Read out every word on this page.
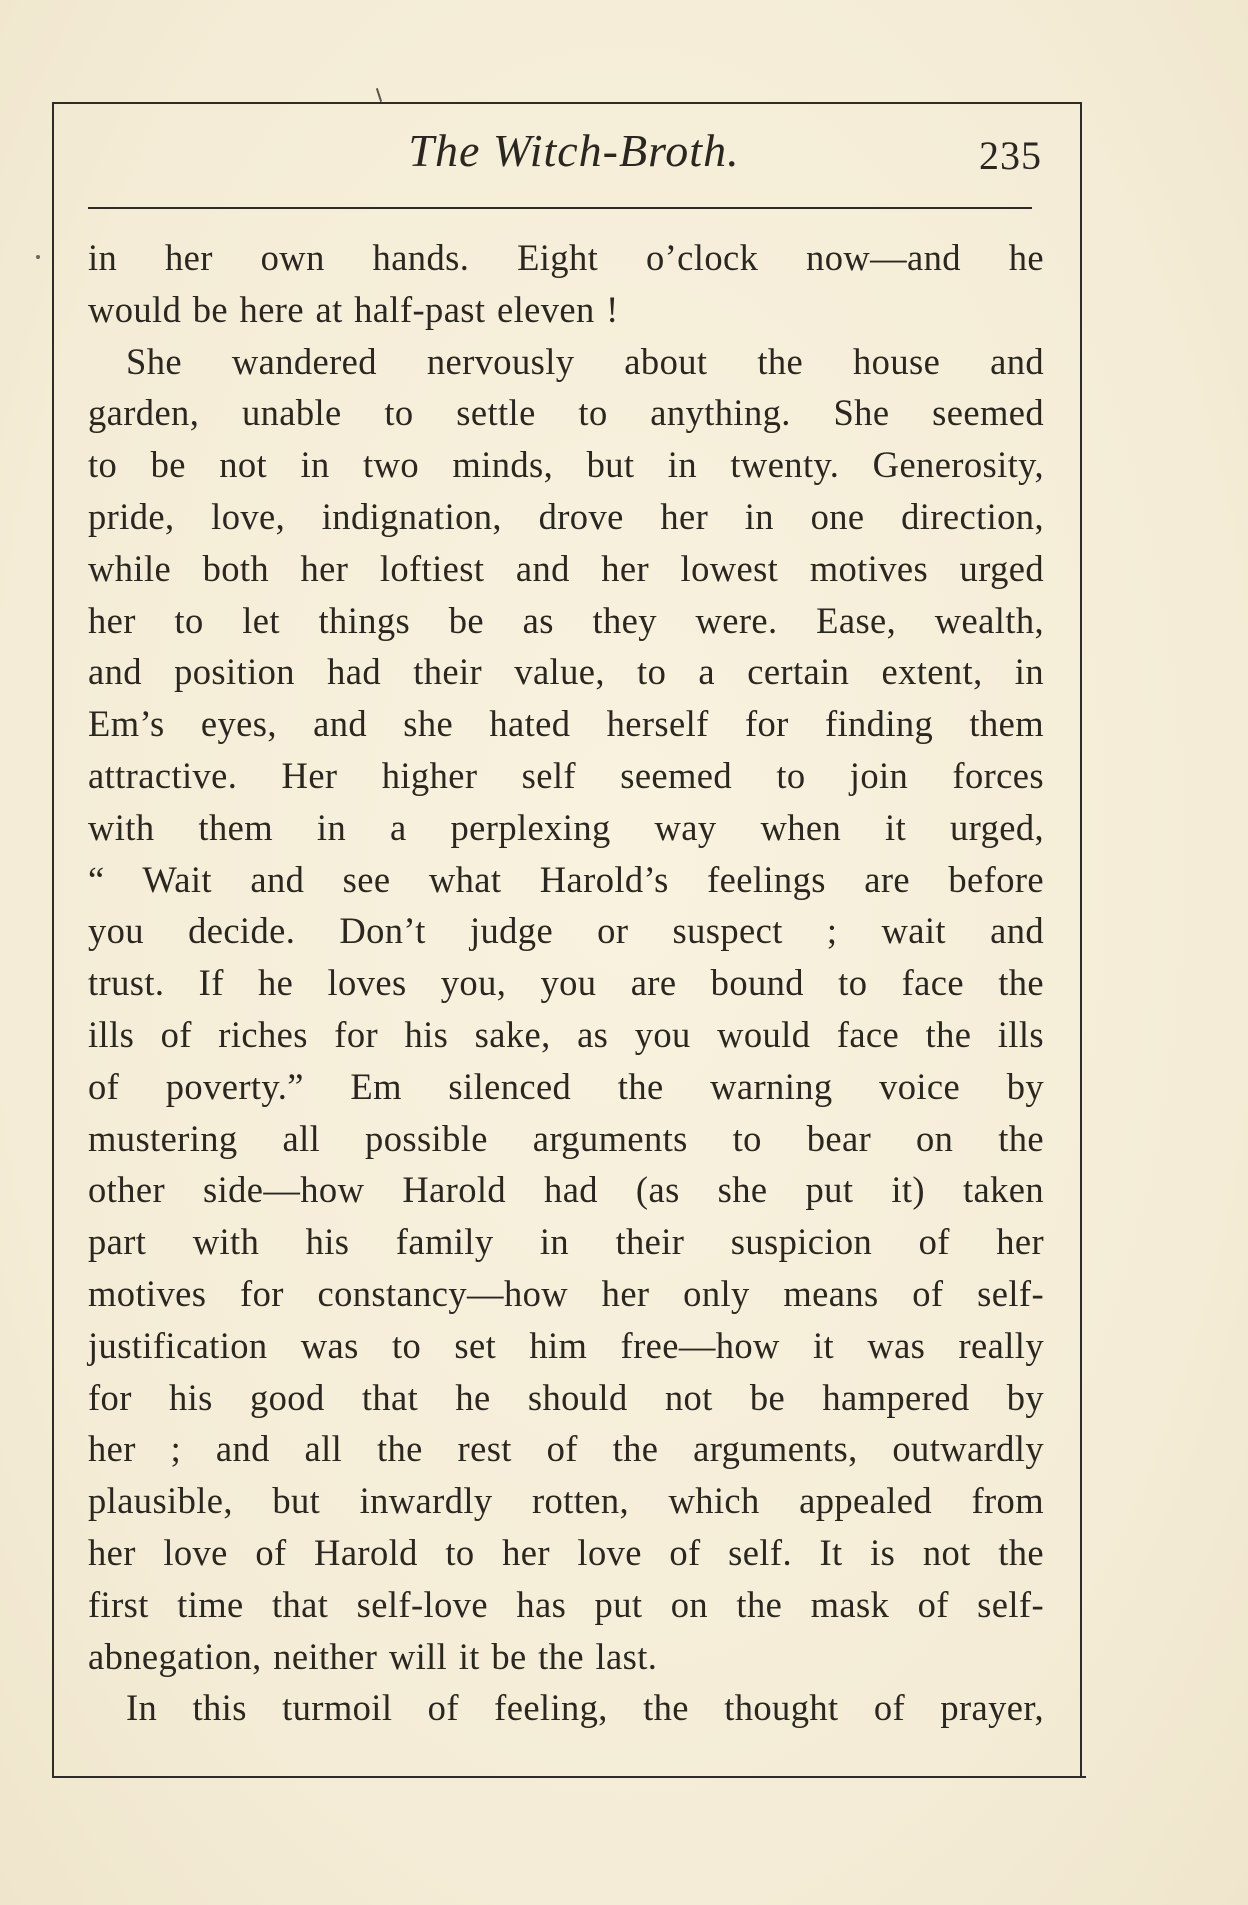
The Witch-Broth.	235
in her own hands. Eight o’clock now—and he
would be here at half-past eleven !
She wandered nervously about the house and
garden, unable to settle to anything. She seemed
to be not in two minds, but in twenty. Generosity,
pride, love, indignation, drove her in one direction,
while both her loftiest and her lowest motives urged
her to let things be as they were. Ease, wealth,
and position had their value, to a certain extent, in
Em’s eyes, and she hated herself for finding them
attractive. Her higher self seemed to join forces
with them in a perplexing way when it urged,
“ Wait and see what Harold’s feelings are before
you decide. Don’t judge or suspect ; wait and
trust. If he loves you, you are bound to face the
ills of riches for his sake, as you would face the ills
of poverty.” Em silenced the warning voice by
mustering all possible arguments to bear on the
other side—how Harold had (as she put it) taken
part with his family in their suspicion of her
motives for constancy—how her only means of self-
justification was to set him free—how it was really
for his good that he should not be hampered by
her ; and all the rest of the arguments, outwardly
plausible, but inwardly rotten, which appealed from
her love of Harold to her love of self. It is not the
first time that self-love has put on the mask of self-
abnegation, neither will it be the last.
In this turmoil of feeling, the thought of prayer,
